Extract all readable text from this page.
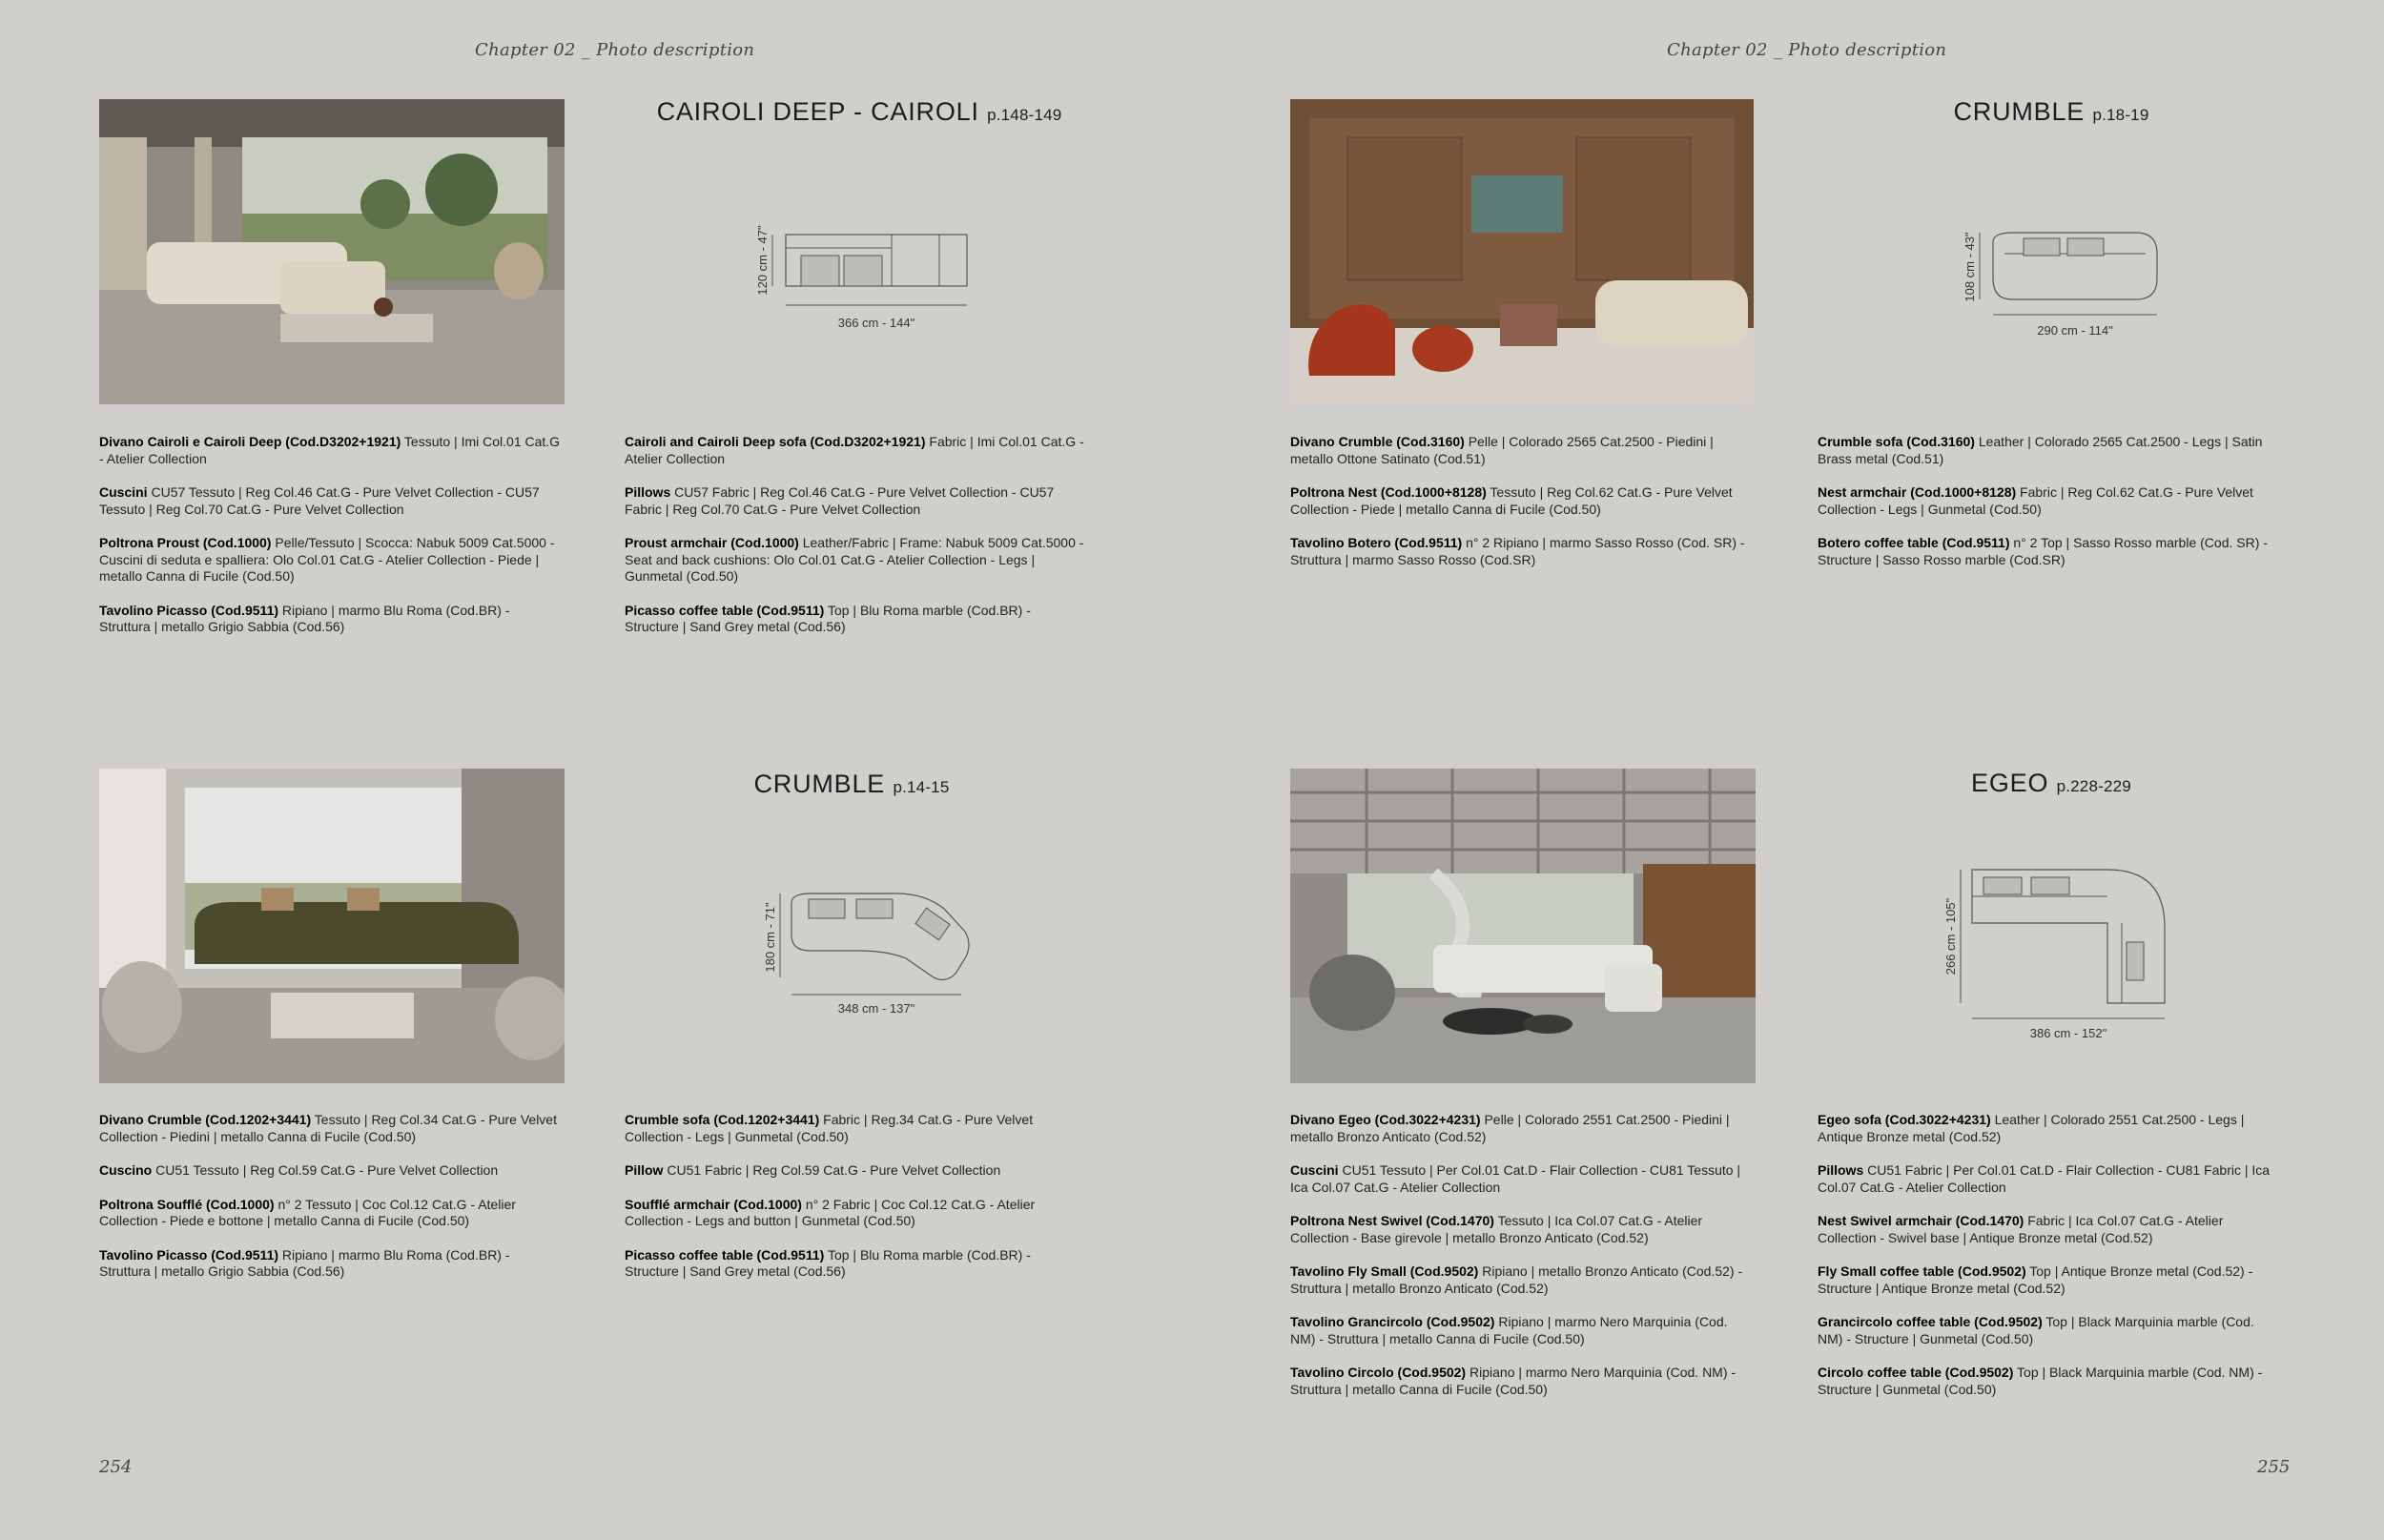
Chapter 02 _ Photo description	Chapter 02 _ Photo description
CAIROLI DEEP - CAIROLI p.148-149
366 cm - 144"
120 cm - 47"

Divano Cairoli e Cairoli Deep (Cod.D3202+1921) Tessuto | Imi Col.01 Cat.G - Atelier Collection

Cuscini CU57 Tessuto | Reg Col.46 Cat.G - Pure Velvet Collection - CU57 Tessuto | Reg Col.70 Cat.G - Pure Velvet Collection

Poltrona Proust (Cod.1000) Pelle/Tessuto | Scocca: Nabuk 5009 Cat.5000 - Cuscini di seduta e spalliera: Olo Col.01 Cat.G - Atelier Collection - Piede | metallo Canna di Fucile (Cod.50)

Tavolino Picasso (Cod.9511) Ripiano | marmo Blu Roma (Cod.BR) - Struttura | metallo Grigio Sabbia (Cod.56)

Cairoli and Cairoli Deep sofa (Cod.D3202+1921) Fabric | Imi Col.01 Cat.G - Atelier Collection

Pillows CU57 Fabric | Reg Col.46 Cat.G - Pure Velvet Collection - CU57 Fabric | Reg Col.70 Cat.G - Pure Velvet Collection

Proust armchair (Cod.1000) Leather/Fabric | Frame: Nabuk 5009 Cat.5000 - Seat and back cushions: Olo Col.01 Cat.G - Atelier Collection - Legs | Gunmetal (Cod.50)

Picasso coffee table (Cod.9511) Top | Blu Roma marble (Cod.BR) - Structure | Sand Grey metal (Cod.56)

CRUMBLE p.18-19
290 cm - 114"
108 cm - 43"

Divano Crumble (Cod.3160) Pelle | Colorado 2565 Cat.2500 - Piedini | metallo Ottone Satinato (Cod.51)

Poltrona Nest (Cod.1000+8128) Tessuto | Reg Col.62 Cat.G - Pure Velvet Collection - Piede | metallo Canna di Fucile (Cod.50)

Tavolino Botero (Cod.9511) n° 2 Ripiano | marmo Sasso Rosso (Cod. SR) - Struttura | marmo Sasso Rosso (Cod.SR)

Crumble sofa (Cod.3160) Leather | Colorado 2565 Cat.2500 - Legs | Satin Brass metal (Cod.51)

Nest armchair (Cod.1000+8128) Fabric | Reg Col.62 Cat.G - Pure Velvet Collection - Legs | Gunmetal (Cod.50)

Botero coffee table (Cod.9511) n° 2 Top | Sasso Rosso marble (Cod. SR) - Structure | Sasso Rosso marble (Cod.SR)

CRUMBLE p.14-15
348 cm - 137"
180 cm - 71"

Divano Crumble (Cod.1202+3441) Tessuto | Reg Col.34 Cat.G - Pure Velvet Collection - Piedini | metallo Canna di Fucile (Cod.50)

Cuscino CU51 Tessuto | Reg Col.59 Cat.G - Pure Velvet Collection

Poltrona Soufflé (Cod.1000) n° 2 Tessuto | Coc Col.12 Cat.G - Atelier Collection - Piede e bottone | metallo Canna di Fucile (Cod.50)

Tavolino Picasso (Cod.9511) Ripiano | marmo Blu Roma (Cod.BR) - Struttura | metallo Grigio Sabbia (Cod.56)

Crumble sofa (Cod.1202+3441) Fabric | Reg.34 Cat.G - Pure Velvet Collection - Legs | Gunmetal (Cod.50)

Pillow CU51 Fabric | Reg Col.59 Cat.G - Pure Velvet Collection

Soufflé armchair (Cod.1000) n° 2 Fabric | Coc Col.12 Cat.G - Atelier Collection - Legs and button | Gunmetal (Cod.50)

Picasso coffee table (Cod.9511) Top | Blu Roma marble (Cod.BR) - Structure | Sand Grey metal (Cod.56)

EGEO p.228-229
386 cm - 152"
266 cm - 105"

Divano Egeo (Cod.3022+4231) Pelle | Colorado 2551 Cat.2500 - Piedini | metallo Bronzo Anticato (Cod.52)

Cuscini CU51 Tessuto | Per Col.01 Cat.D - Flair Collection - CU81 Tessuto | Ica Col.07 Cat.G - Atelier Collection

Poltrona Nest Swivel (Cod.1470) Tessuto | Ica Col.07 Cat.G - Atelier Collection - Base girevole | metallo Bronzo Anticato (Cod.52)

Tavolino Fly Small (Cod.9502) Ripiano | metallo Bronzo Anticato (Cod.52) - Struttura | metallo Bronzo Anticato (Cod.52)

Tavolino Grancircolo (Cod.9502) Ripiano | marmo Nero Marquinia (Cod. NM) - Struttura | metallo Canna di Fucile (Cod.50)

Tavolino Circolo (Cod.9502) Ripiano | marmo Nero Marquinia (Cod. NM) - Struttura | metallo Canna di Fucile (Cod.50)

Egeo sofa (Cod.3022+4231) Leather | Colorado 2551 Cat.2500 - Legs | Antique Bronze metal (Cod.52)

Pillows CU51 Fabric | Per Col.01 Cat.D - Flair Collection - CU81 Fabric | Ica Col.07 Cat.G - Atelier Collection

Nest Swivel armchair (Cod.1470) Fabric | Ica Col.07 Cat.G - Atelier Collection - Swivel base | Antique Bronze metal (Cod.52)

Fly Small coffee table (Cod.9502) Top | Antique Bronze metal (Cod.52) - Structure | Antique Bronze metal (Cod.52)

Grancircolo coffee table (Cod.9502) Top | Black Marquinia marble (Cod. NM) - Structure | Gunmetal (Cod.50)

Circolo coffee table (Cod.9502) Top | Black Marquinia marble (Cod. NM) - Structure | Gunmetal (Cod.50)

254	255
